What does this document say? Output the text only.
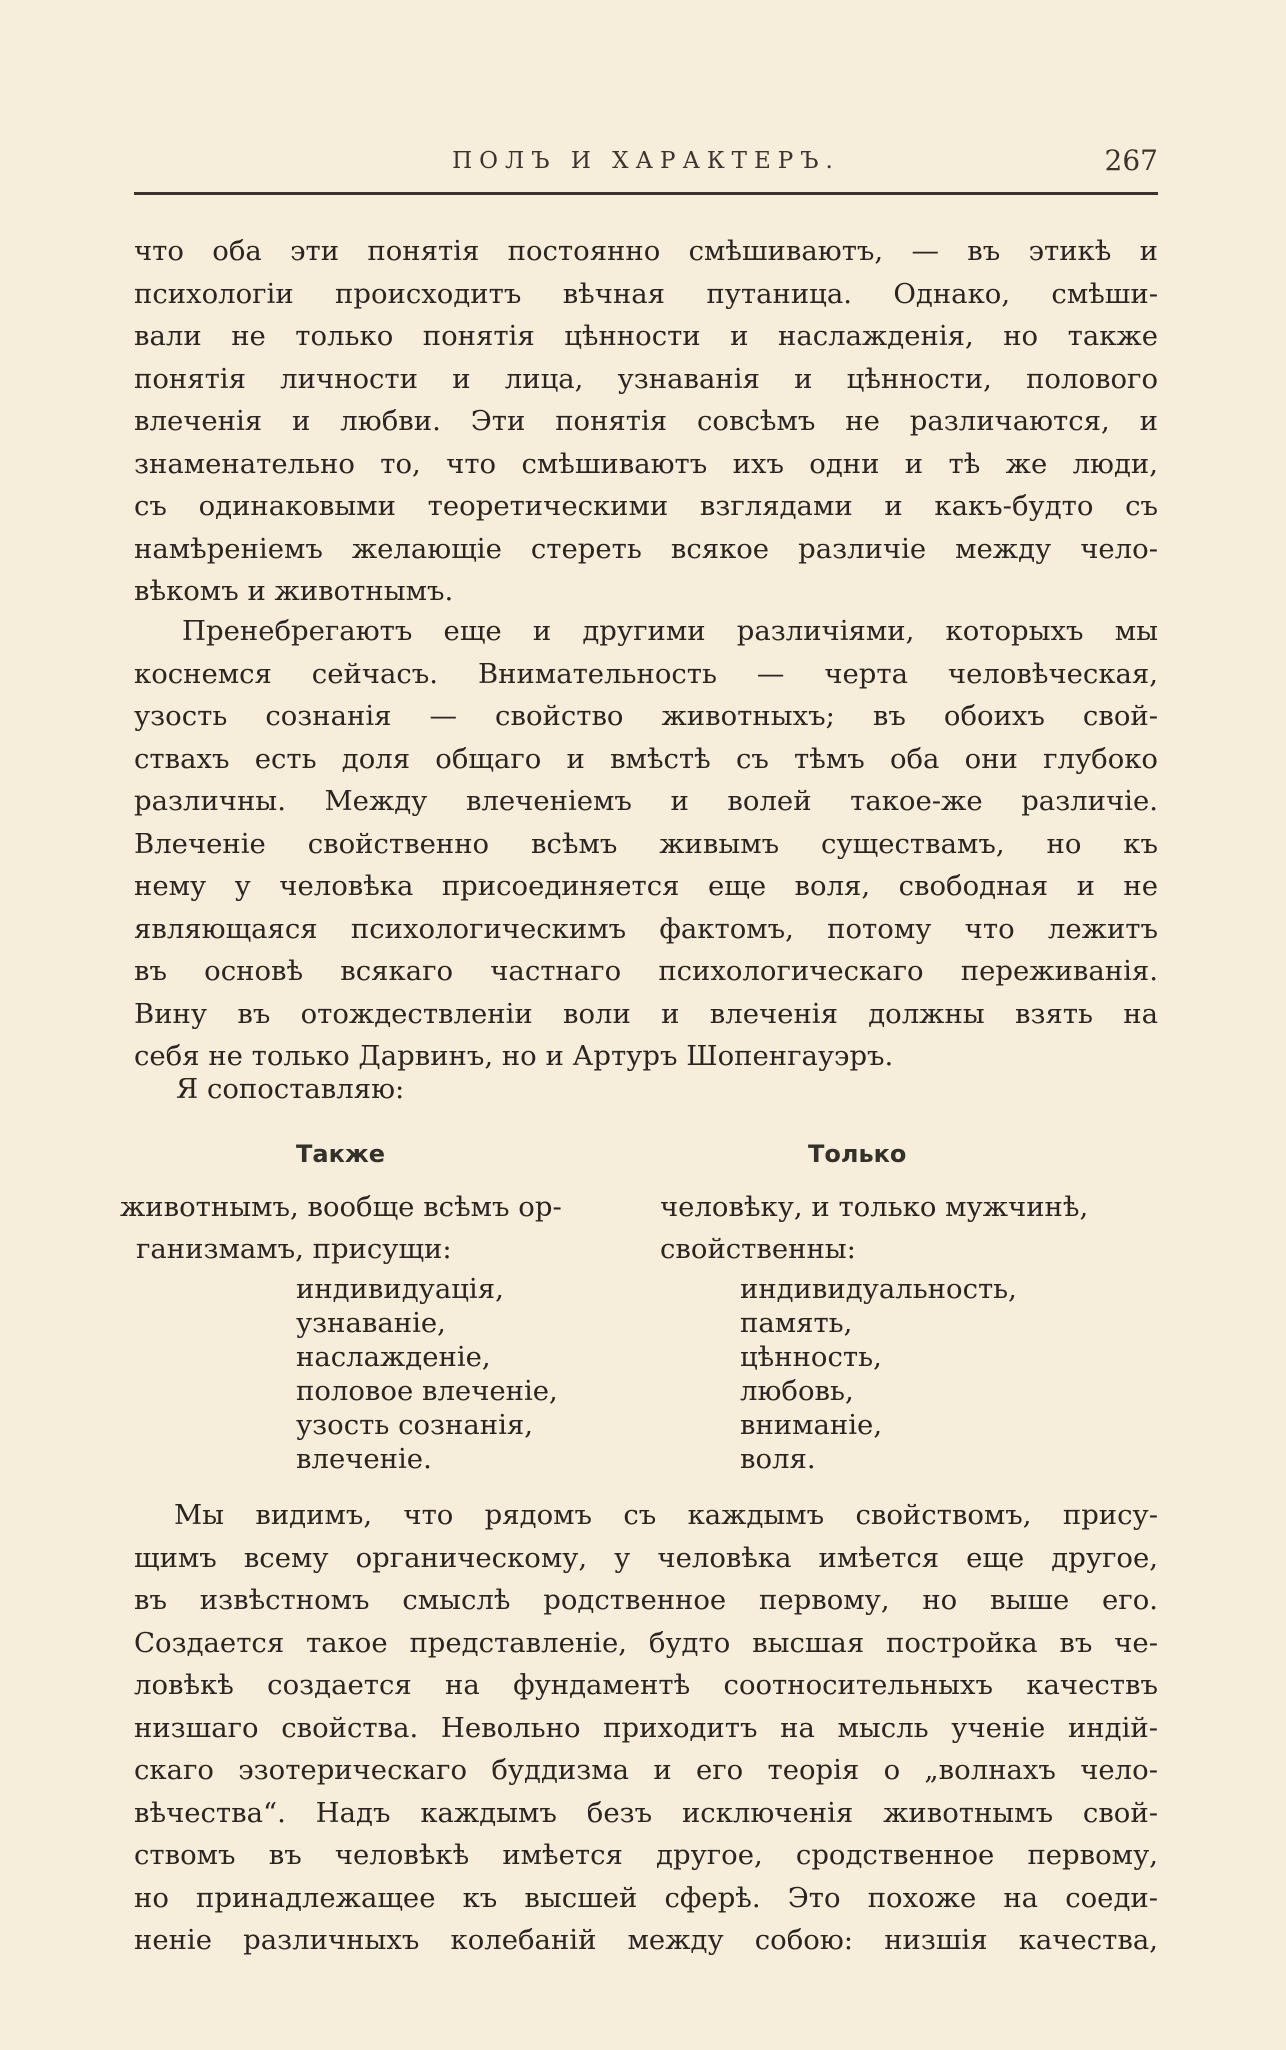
ПОЛЪ И ХАРАКТЕРЪ.	267
что оба эти понятія постоянно смѣшиваютъ, — въ этикѣ и
психологіи происходитъ вѣчная путаница. Однако, смѣши-
вали не только понятія цѣнности и наслажденія, но также
понятія личности и лица, узнаванія и цѣнности, полового
влеченія и любви. Эти понятія совсѣмъ не различаются, и
знаменательно то, что смѣшиваютъ ихъ одни и тѣ же люди,
съ одинаковыми теоретическими взглядами и какъ-будто съ
намѣреніемъ желающіе стереть всякое различіе между чело-
вѣкомъ и животнымъ.
Пренебрегаютъ еще и другими различіями, которыхъ мы
коснемся сейчасъ. Внимательность — черта человѣческая,
узость сознанія — свойство животныхъ; въ обоихъ свой-
ствахъ есть доля общаго и вмѣстѣ съ тѣмъ оба они глубоко
различны. Между влеченіемъ и волей такое-же различіе.
Влеченіе свойственно всѣмъ живымъ существамъ, но къ
нему у человѣка присоединяется еще воля, свободная и не
являющаяся психологическимъ фактомъ, потому что лежитъ
въ основѣ всякаго частнаго психологическаго переживанія.
Вину въ отождествленіи воли и влеченія должны взять на
себя не только Дарвинъ, но и Артуръ Шопенгауэръ.
Я сопоставляю:
Также	Только
животнымъ, вообще всѣмъ ор-
ганизмамъ, присущи:
человѣку, и только мужчинѣ,
свойственны:
индивидуація,
узнаваніе,
наслажденіе,
половое влеченіе,
узость сознанія,
влеченіе.
индивидуальность,
память,
цѣнность,
любовь,
вниманіе,
воля.
Мы видимъ, что рядомъ съ каждымъ свойствомъ, прису-
щимъ всему органическому, у человѣка имѣется еще другое,
въ извѣстномъ смыслѣ родственное первому, но выше его.
Создается такое представленіе, будто высшая постройка въ че-
ловѣкѣ создается на фундаментѣ соотносительныхъ качествъ
низшаго свойства. Невольно приходитъ на мысль ученіе индій-
скаго эзотерическаго буддизма и его теорія о „волнахъ чело-
вѣчества“. Надъ каждымъ безъ исключенія животнымъ свой-
ствомъ въ человѣкѣ имѣется другое, сродственное первому,
но принадлежащее къ высшей сферѣ. Это похоже на соеди-
неніе различныхъ колебаній между собою: низшія качества,
